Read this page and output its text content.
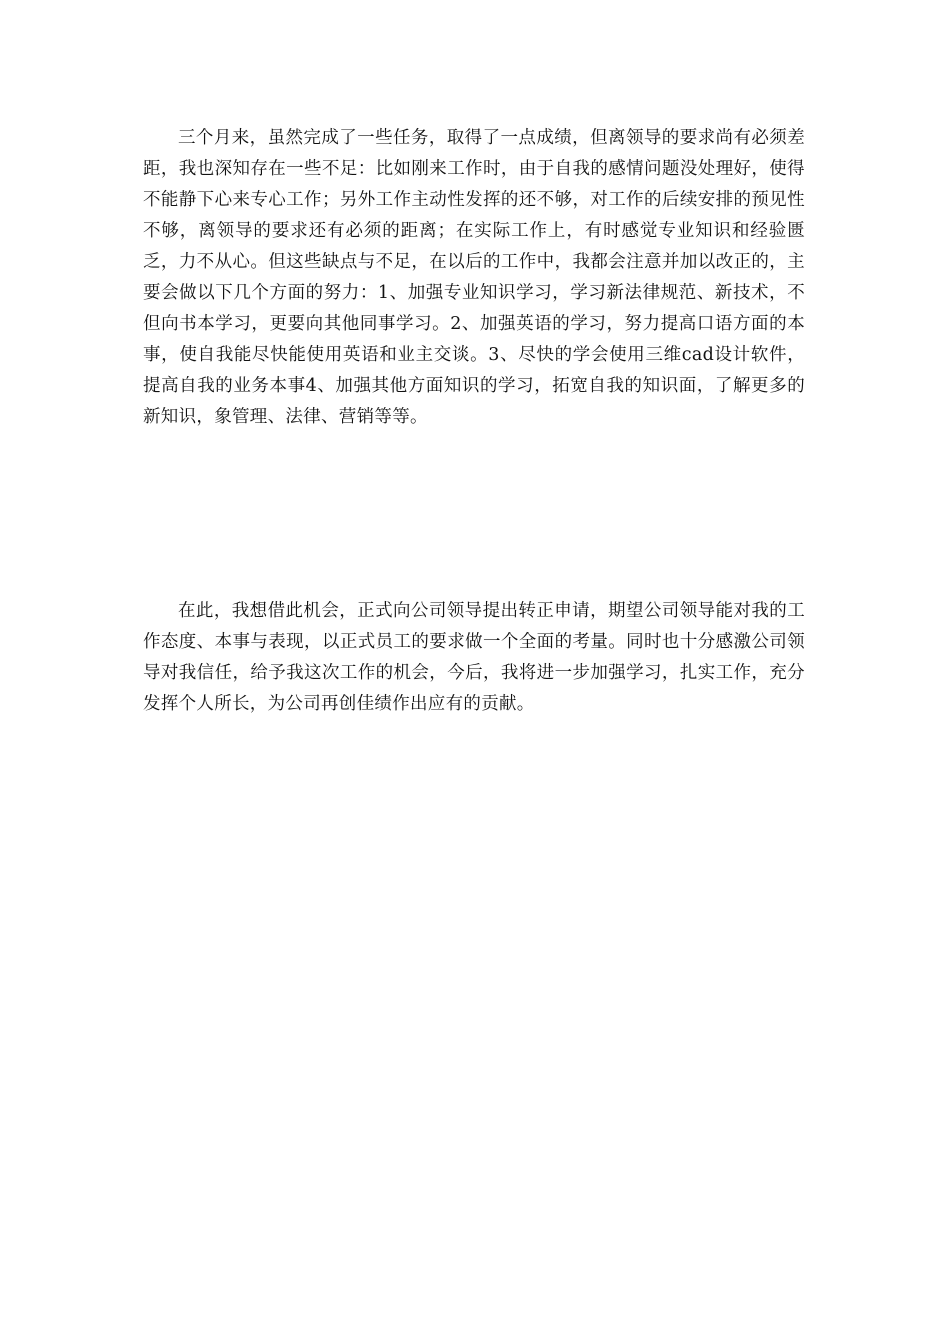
三个月来，虽然完成了一些任务，取得了一点成绩，但离领导的要求尚有必须差距，我也深知存在一些不足：比如刚来工作时，由于自我的感情问题没处理好，使得不能静下心来专心工作；另外工作主动性发挥的还不够，对工作的后续安排的预见性不够，离领导的要求还有必须的距离；在实际工作上，有时感觉专业知识和经验匮乏，力不从心。但这些缺点与不足，在以后的工作中，我都会注意并加以改正的，主要会做以下几个方面的努力：1、加强专业知识学习，学习新法律规范、新技术，不但向书本学习，更要向其他同事学习。2、加强英语的学习，努力提高口语方面的本事，使自我能尽快能使用英语和业主交谈。3、尽快的学会使用三维cad设计软件，提高自我的业务本事4、加强其他方面知识的学习，拓宽自我的知识面，了解更多的新知识，象管理、法律、营销等等。

在此，我想借此机会，正式向公司领导提出转正申请，期望公司领导能对我的工作态度、本事与表现，以正式员工的要求做一个全面的考量。同时也十分感激公司领导对我信任，给予我这次工作的机会，今后，我将进一步加强学习，扎实工作，充分发挥个人所长，为公司再创佳绩作出应有的贡献。
